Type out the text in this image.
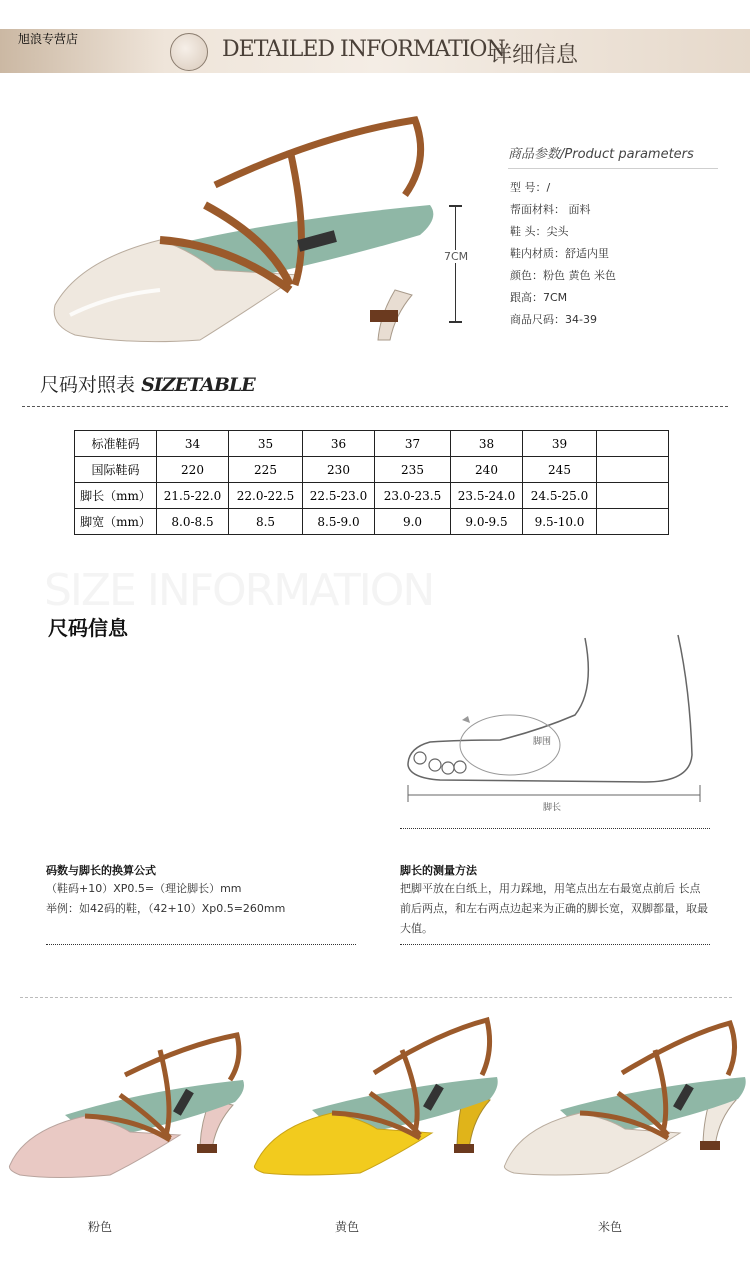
旭浪专营店	DETAILED INFORMATION
详细信息
7CM
商品参数/Product parameters
型 号：/
帮面材料： 面料
鞋 头：尖头
鞋内材质：舒适内里
颜色：粉色 黄色 米色
跟高：7CM
商品尺码：34-39
尺码对照表 SIZETABLE
标准鞋码	34	35	36	37	38	39	
国际鞋码	220	225	230	235	240	245	
脚长（mm）	21.5-22.0	22.0-22.5	22.5-23.0	23.0-23.5	23.5-24.0	24.5-25.0	
脚宽（mm）	8.0-8.5	8.5	8.5-9.0	9.0	9.0-9.5	9.5-10.0	
SIZE INFORMATION
尺码信息
脚围
脚长
码数与脚长的换算公式
（鞋码+10）XP0.5=（理论脚长）mm
举例：如42码的鞋，（42+10）Xp0.5=260mm
脚长的测量方法
把脚平放在白纸上，用力踩地，用笔点出左右最宽点前后 长点
前后两点，和左右两点边起来为正确的脚长宽，双脚都量，取最
大值。
粉色	黄色	米色
